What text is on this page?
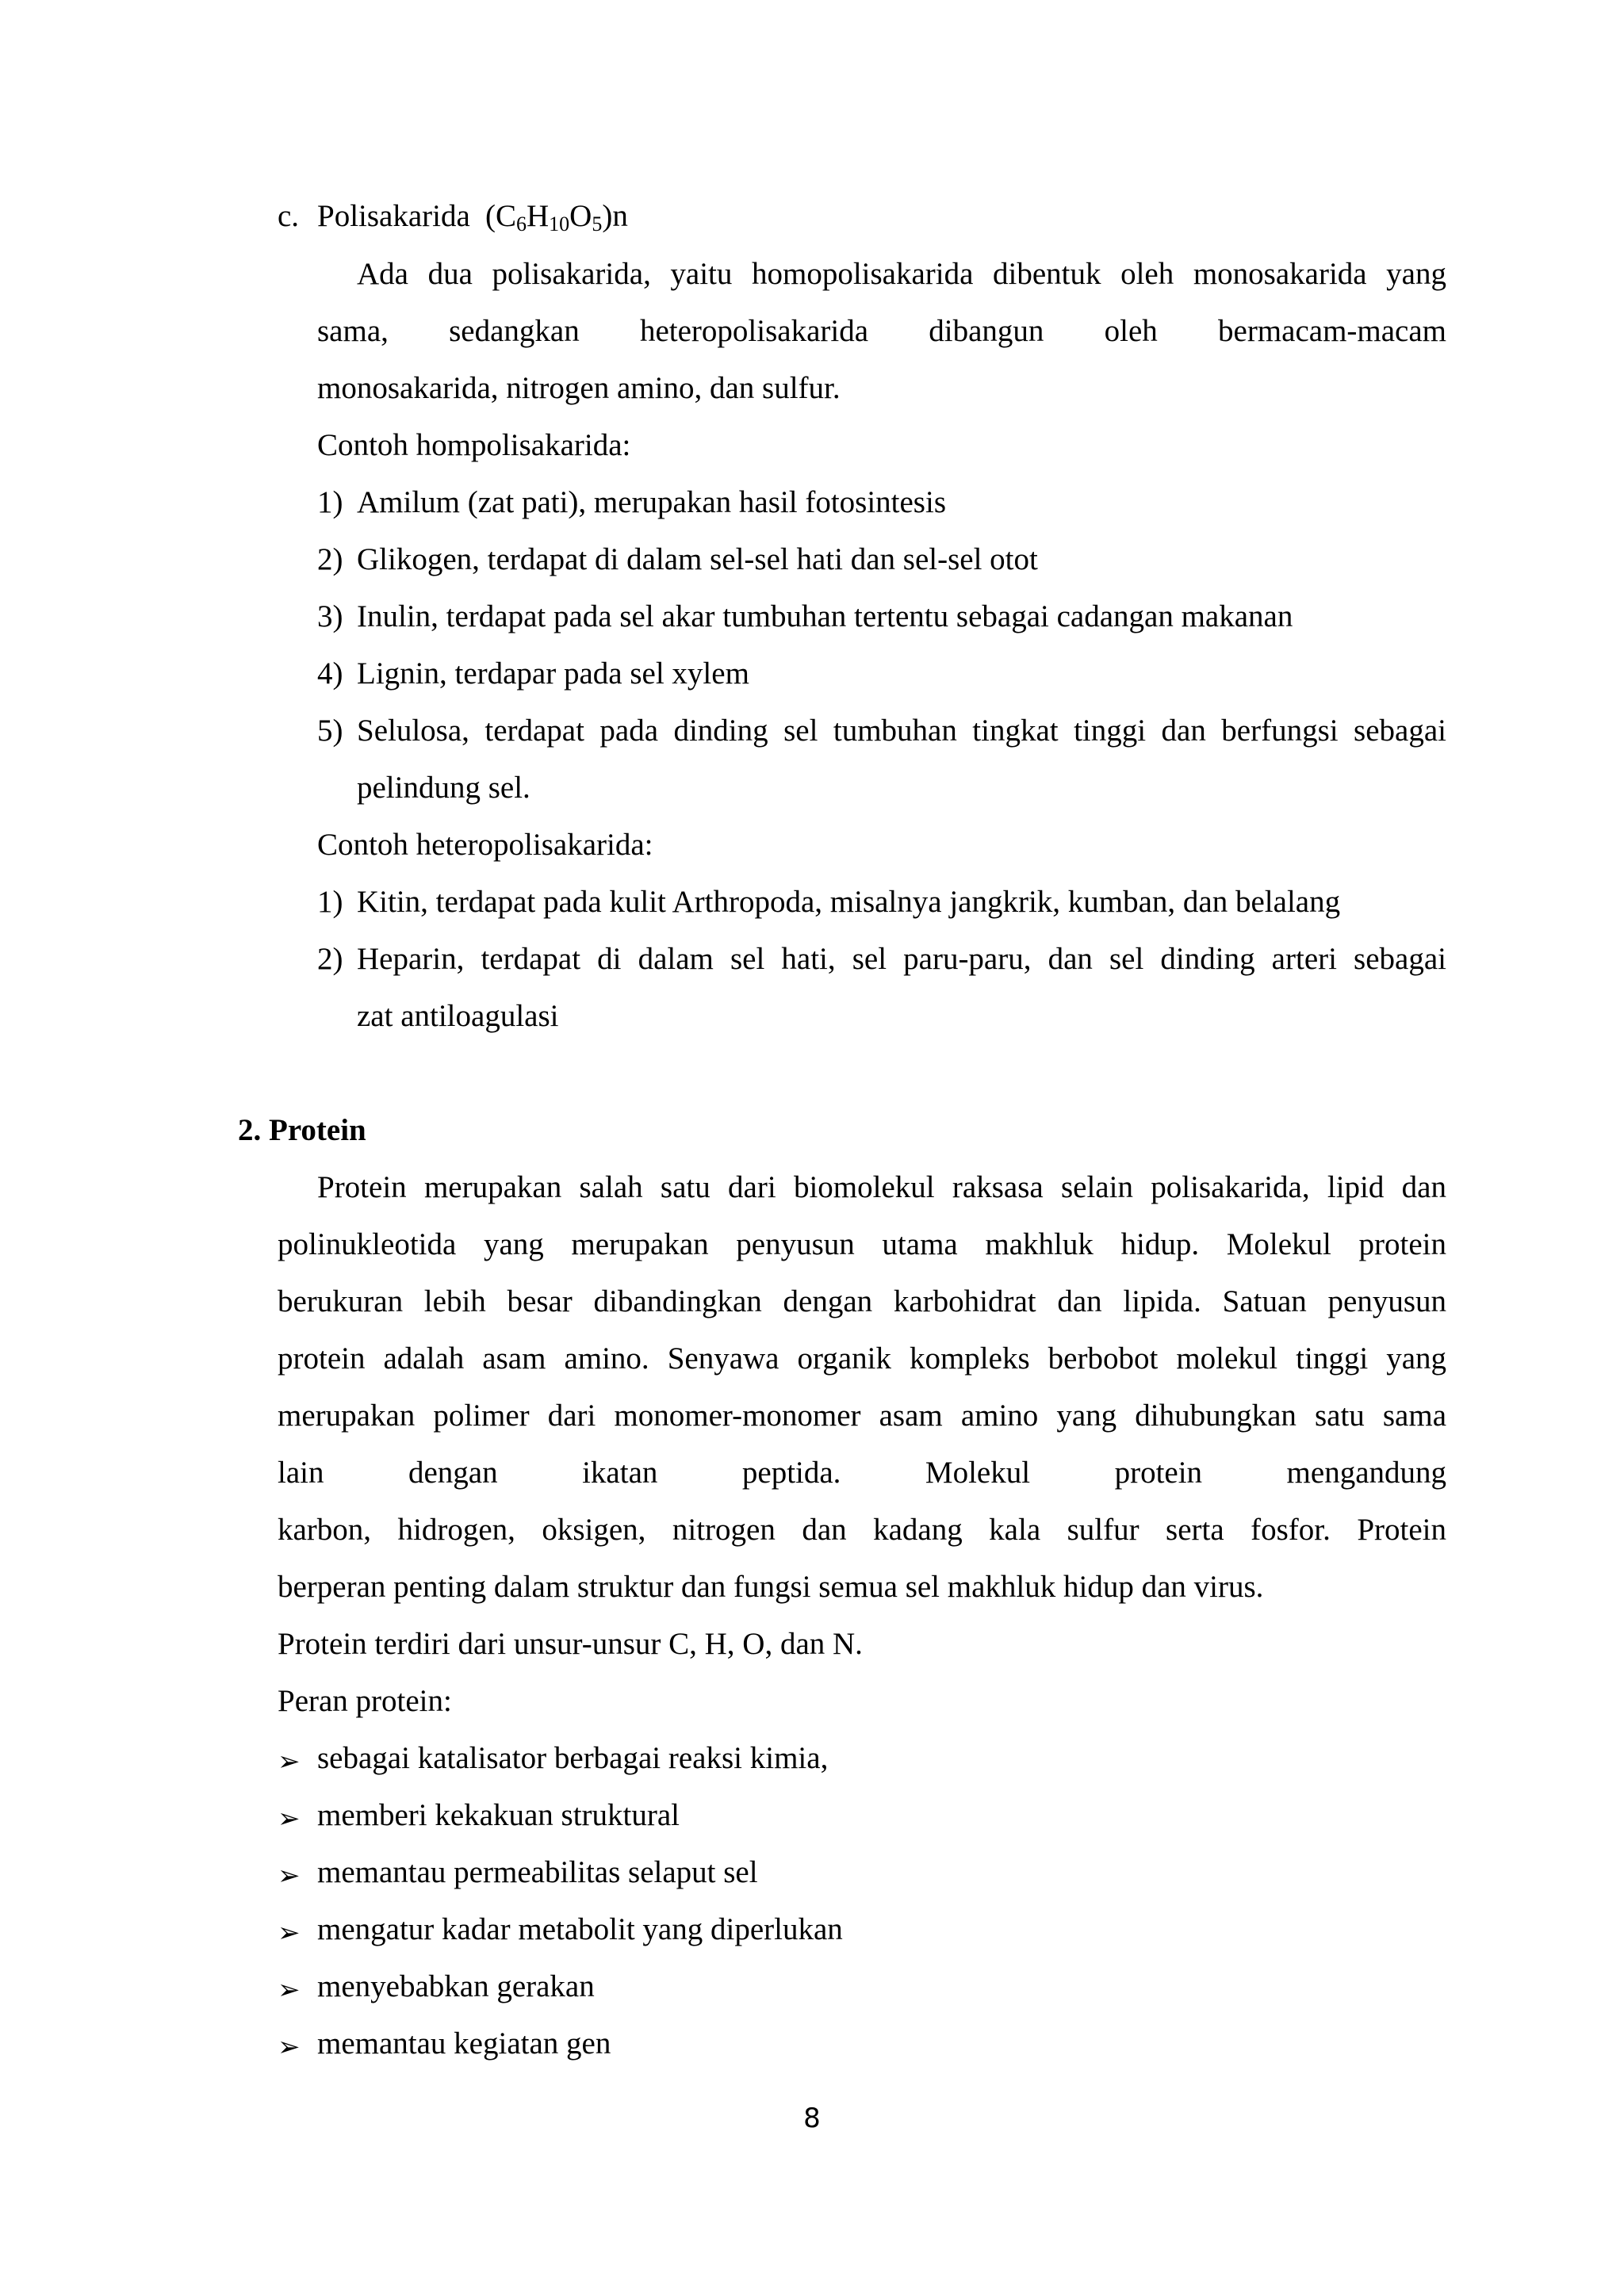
c. Polisakarida $(C_6H_{10}O_5)n$
Ada dua polisakarida, yaitu homopolisakarida dibentuk oleh monosakarida yang
sama, sedangkan heteropolisakarida dibangun oleh bermacam-macam
monosakarida, nitrogen amino, dan sulfur.
Contoh hompolisakarida:
1) Amilum (zat pati), merupakan hasil fotosintesis
2) Glikogen, terdapat di dalam sel-sel hati dan sel-sel otot
3) Inulin, terdapat pada sel akar tumbuhan tertentu sebagai cadangan makanan
4) Lignin, terdapar pada sel xylem
5) Selulosa, terdapat pada dinding sel tumbuhan tingkat tinggi dan berfungsi sebagai
pelindung sel.
Contoh heteropolisakarida:
1) Kitin, terdapat pada kulit Arthropoda, misalnya jangkrik, kumban, dan belalang
2) Heparin, terdapat di dalam sel hati, sel paru-paru, dan sel dinding arteri sebagai
zat antiloagulasi
2. Protein
Protein merupakan salah satu dari biomolekul raksasa selain polisakarida, lipid dan
polinukleotida yang merupakan penyusun utama makhluk hidup. Molekul protein
berukuran lebih besar dibandingkan dengan karbohidrat dan lipida. Satuan penyusun
protein adalah asam amino. Senyawa organik kompleks berbobot molekul tinggi yang
merupakan polimer dari monomer-monomer asam amino yang dihubungkan satu sama
lain dengan ikatan peptida. Molekul protein mengandung
karbon, hidrogen, oksigen, nitrogen dan kadang kala sulfur serta fosfor. Protein
berperan penting dalam struktur dan fungsi semua sel makhluk hidup dan virus.
Protein terdiri dari unsur-unsur C, H, O, dan N.
Peran protein:
➢ sebagai katalisator berbagai reaksi kimia,
➢ memberi kekakuan struktural
➢ memantau permeabilitas selaput sel
➢ mengatur kadar metabolit yang diperlukan
➢ menyebabkan gerakan
➢ memantau kegiatan gen
8
